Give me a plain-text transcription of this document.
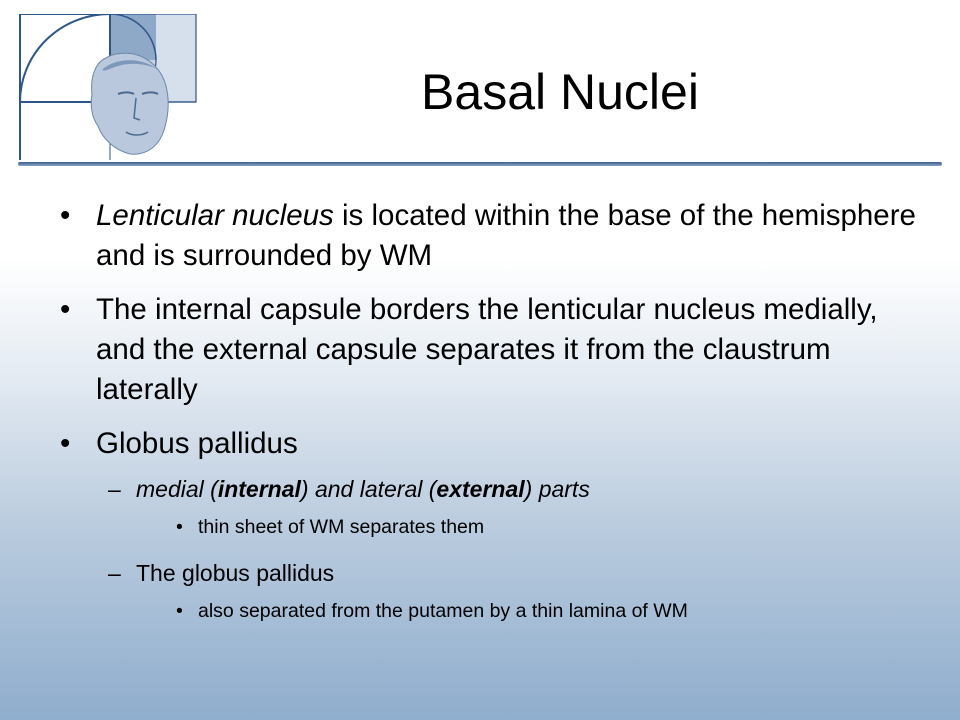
Basal Nuclei
• Lenticular nucleus is located within the base of the hemisphere and is surrounded by WM
• The internal capsule borders the lenticular nucleus medially, and the external capsule separates it from the claustrum laterally
• Globus pallidus
– medial (internal) and lateral (external) parts
• thin sheet of WM separates them
– The globus pallidus
• also separated from the putamen by a thin lamina of WM
